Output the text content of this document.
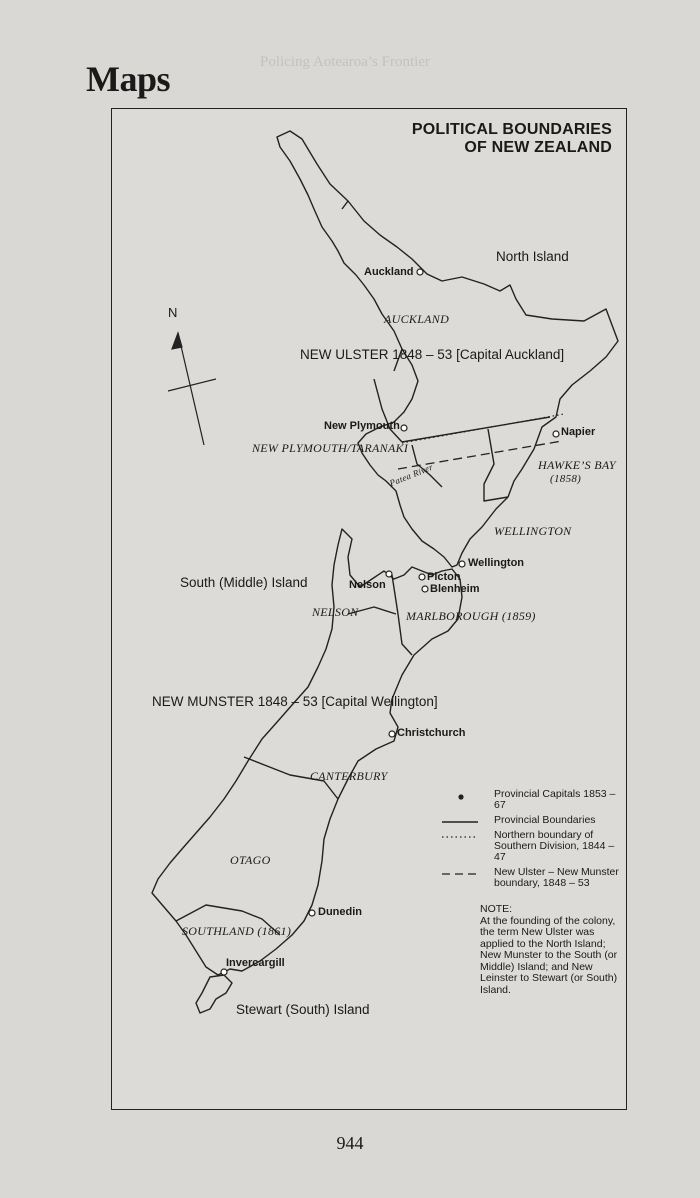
Policing Aotearoa’s Frontier
Maps
POLITICAL BOUNDARIES
OF NEW ZEALAND
N
North Island
South (Middle) Island
Stewart (South) Island
NEW ULSTER 1848 – 53 [Capital Auckland]
NEW MUNSTER 1848 – 53 [Capital Wellington]
AUCKLAND
NEW PLYMOUTH/TARANAKI
HAWKE’S BAY
(1858)
WELLINGTON
NELSON	MARLBOROUGH (1859)
CANTERBURY
OTAGO
SOUTHLAND (1861)
Patea River
Auckland
New Plymouth	Napier
Wellington
Nelson
Picton
Blenheim
Christchurch
Dunedin
Invercargill
Provincial Capitals 1853 – 67
Provincial Boundaries
Northern boundary of
Southern Division, 1844 – 47
New Ulster – New Munster
boundary, 1848 – 53
NOTE:
At the founding of the colony,
the term New Ulster was
applied to the North Island;
New Munster to the South (or
Middle) Island; and New
Leinster to Stewart (or South)
Island.
944
